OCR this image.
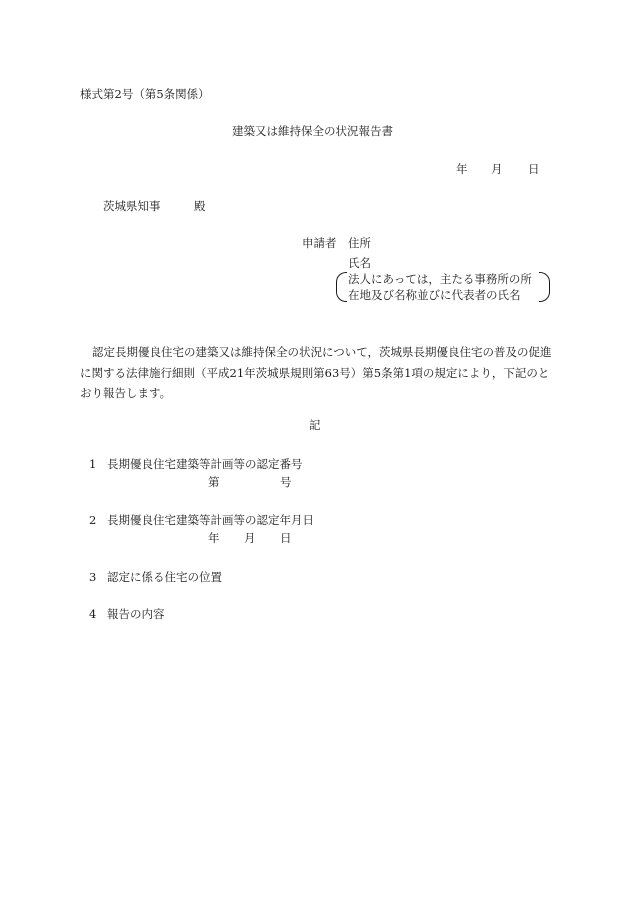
様式第2号（第5条関係）
建築又は維持保全の状況報告書
年 月 日
茨城県知事	殿
申請者 住所
氏名
法人にあっては，主たる事務所の所
在地及び名称並びに代表者の氏名
認定長期優良住宅の建築又は維持保全の状況について，茨城県長期優良住宅の普及の促進に関する法律施行細則（平成21年茨城県規則第63号）第5条第1項の規定により，下記のとおり報告します。
記
1 長期優良住宅建築等計画等の認定番号
第	号
2 長期優良住宅建築等計画等の認定年月日
年 月 日
3 認定に係る住宅の位置
4 報告の内容
